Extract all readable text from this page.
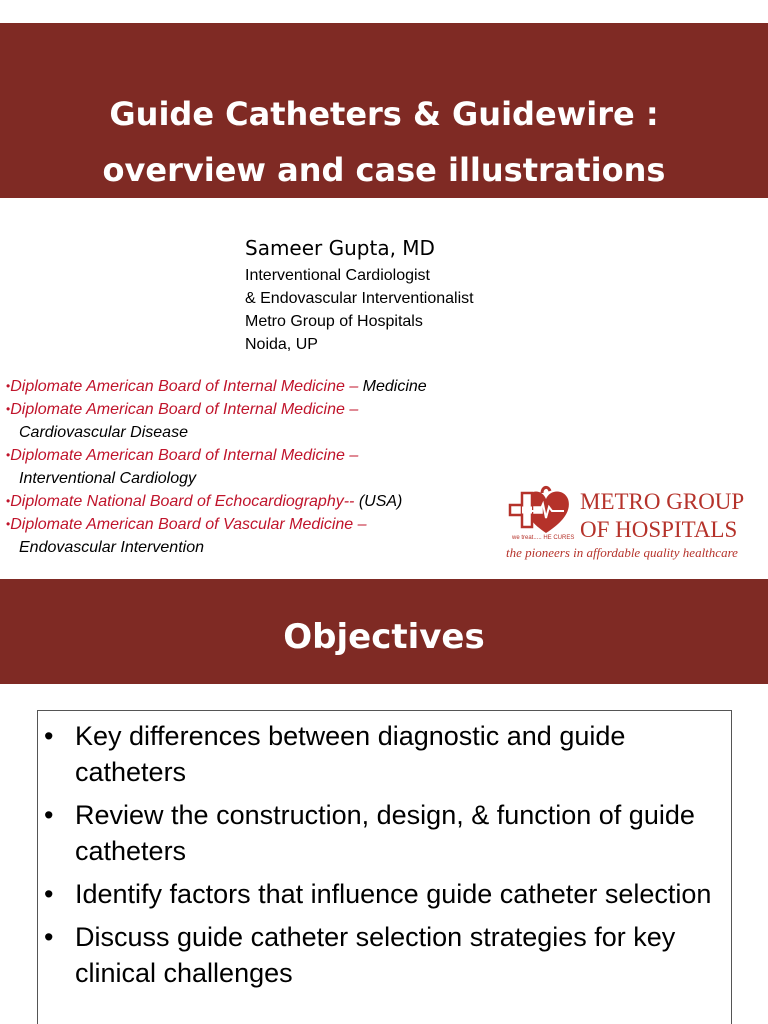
Guide Catheters & Guidewire :
overview and case illustrations
Sameer Gupta, MD
Interventional Cardiologist
& Endovascular Interventionalist
Metro Group of Hospitals
Noida, UP

•Diplomate American Board of Internal Medicine – Medicine

•Diplomate American Board of Internal Medicine –
Cardiovascular Disease

•Diplomate American Board of Internal Medicine –
Interventional Cardiology

•Diplomate National Board of Echocardiography-- (USA)

•Diplomate American Board of Vascular Medicine –
Endovascular Intervention

METRO GROUP
OF HOSPITALS
we treat..... HE CURES
the pioneers in affordable quality healthcare
Objectives
• Key differences between diagnostic and guide catheters
• Review the construction, design, & function of guide catheters
• Identify factors that influence guide catheter selection
• Discuss guide catheter selection strategies for key clinical challenges
